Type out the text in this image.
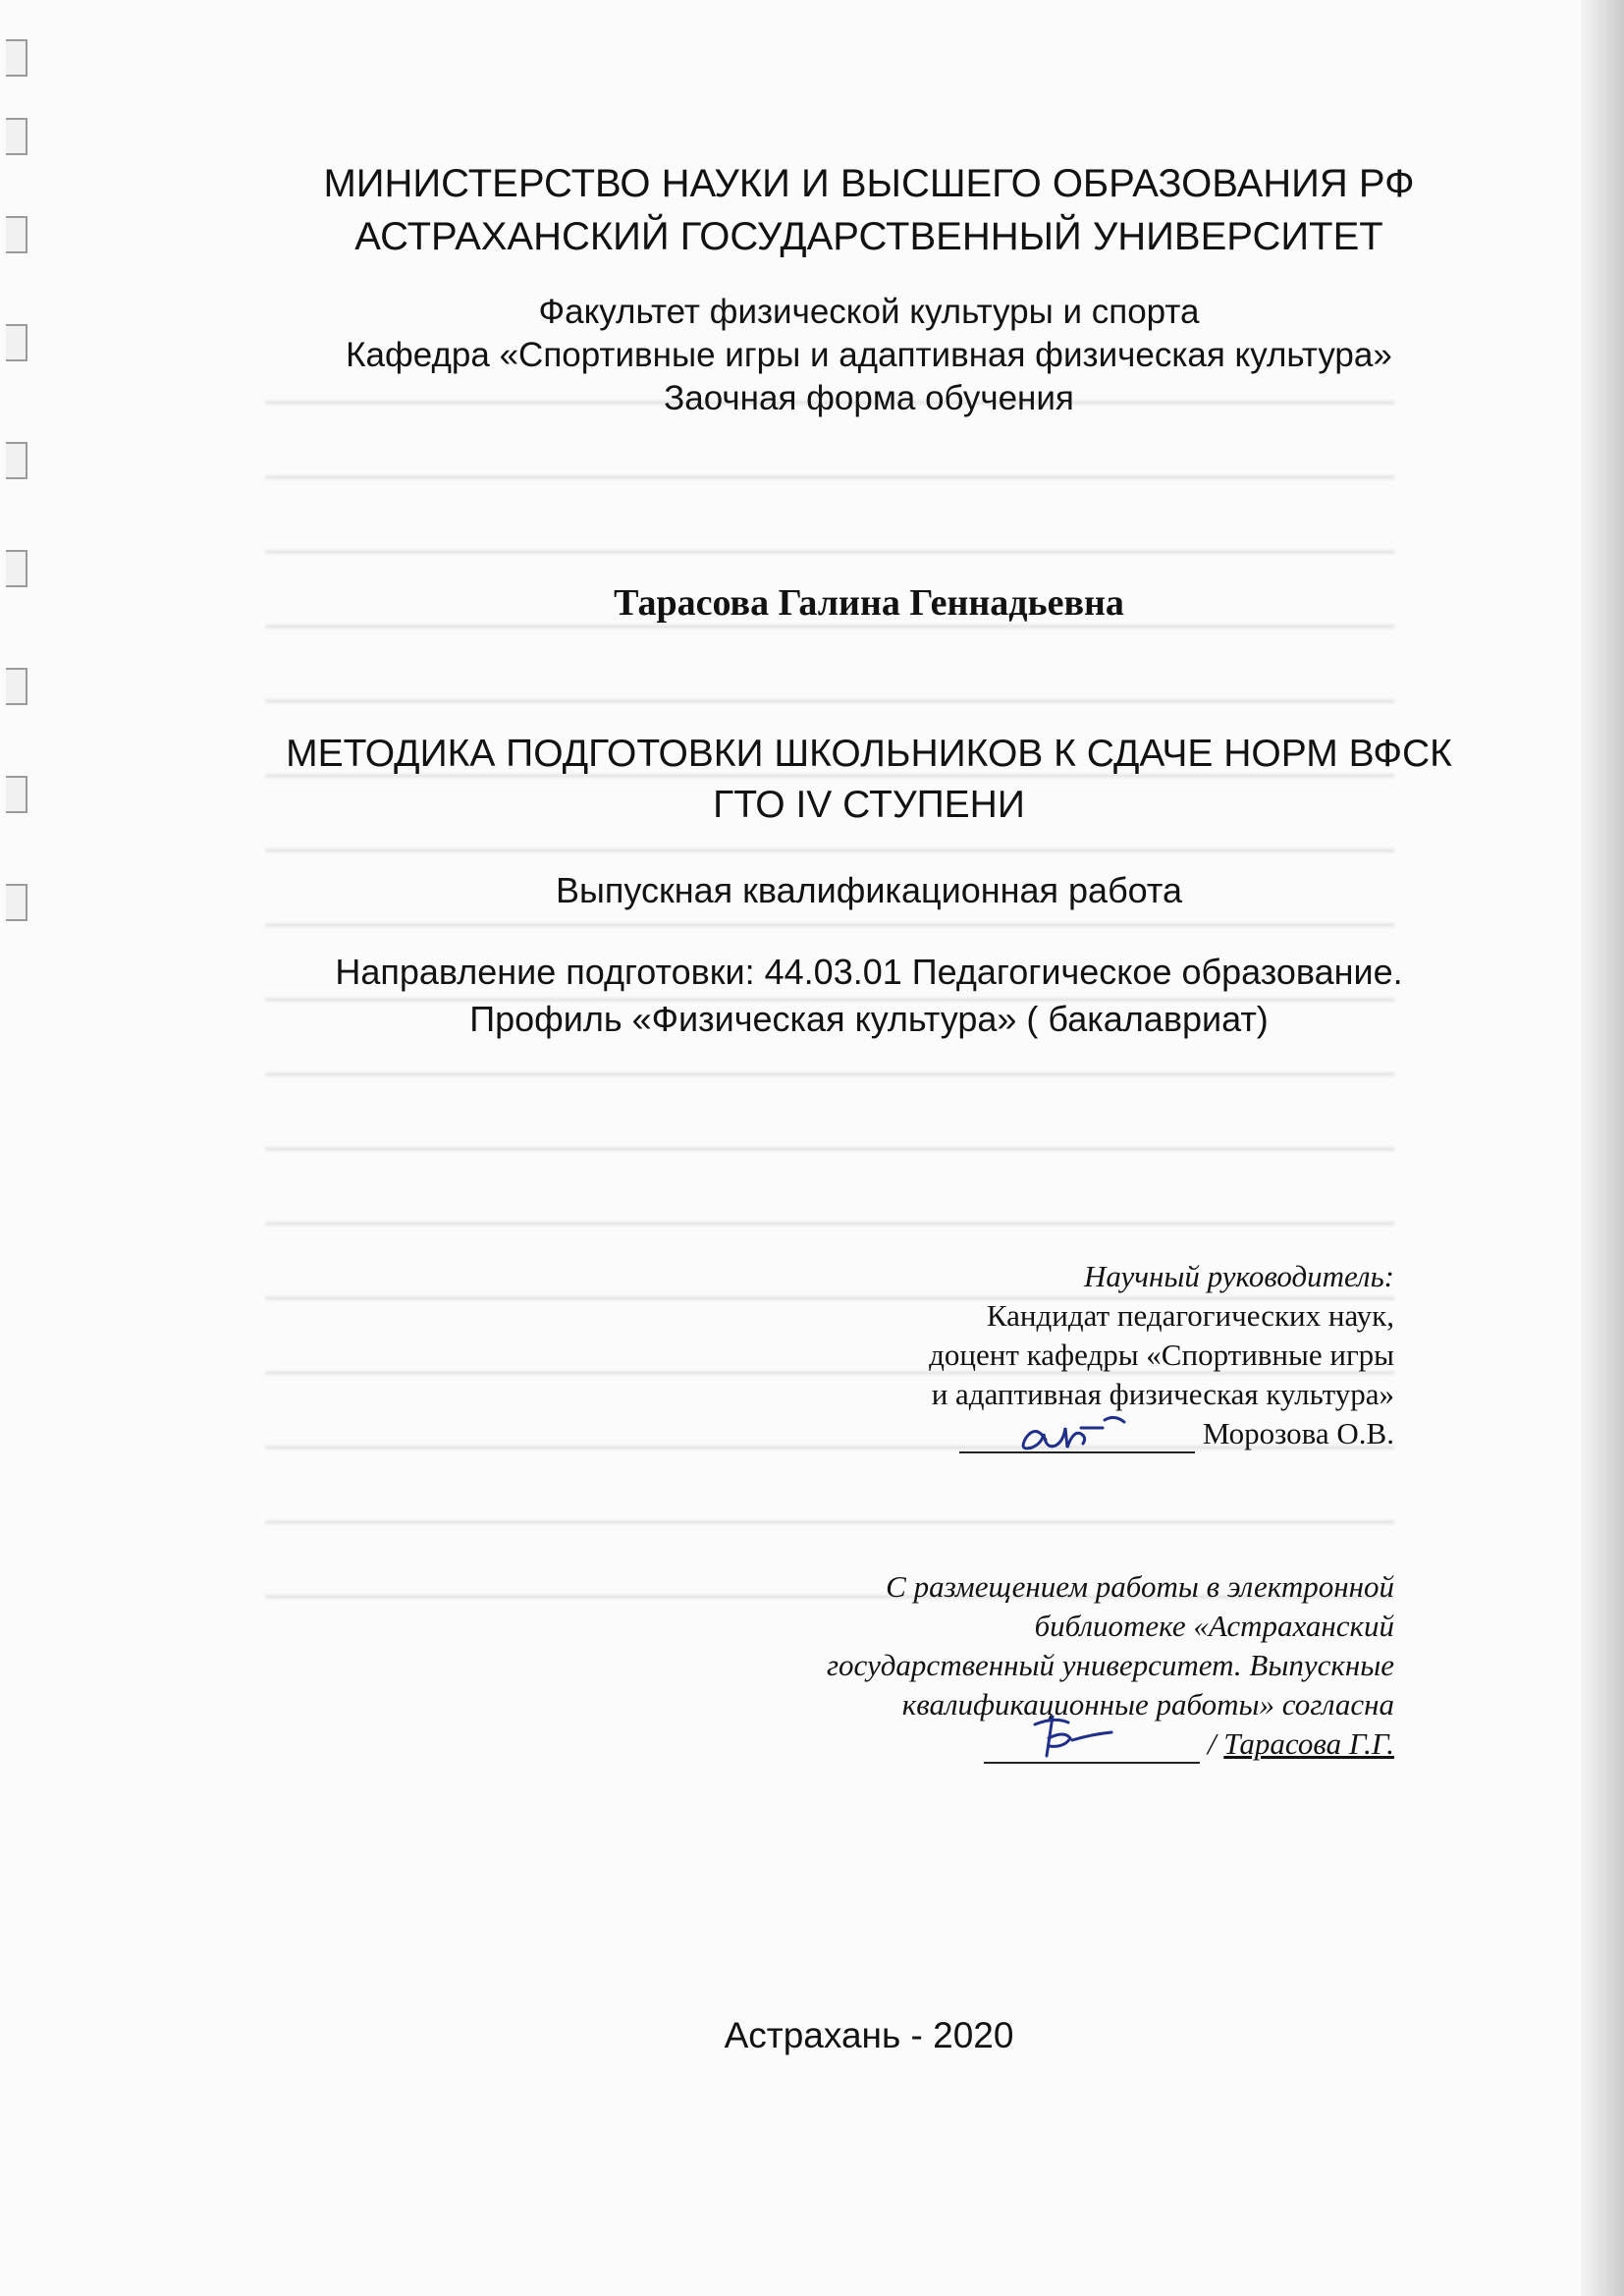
МИНИСТЕРСТВО НАУКИ И ВЫСШЕГО ОБРАЗОВАНИЯ РФ
АСТРАХАНСКИЙ ГОСУДАРСТВЕННЫЙ УНИВЕРСИТЕТ
Факультет физической культуры и спорта
Кафедра «Спортивные игры и адаптивная физическая культура»
Заочная форма обучения
Тарасова Галина Геннадьевна
МЕТОДИКА ПОДГОТОВКИ ШКОЛЬНИКОВ К СДАЧЕ НОРМ ВФСК
ГТО IV СТУПЕНИ
Выпускная квалификационная работа
Направление подготовки: 44.03.01 Педагогическое образование.
Профиль «Физическая культура» ( бакалавриат)
Научный руководитель:
Кандидат педагогических наук,
доцент кафедры «Спортивные игры
и адаптивная физическая культура»
Морозова О.В.
С размещением работы в электронной
библиотеке «Астраханский
государственный университет. Выпускные
квалификационные работы» согласна
/ Тарасова Г.Г.
Астрахань - 2020
